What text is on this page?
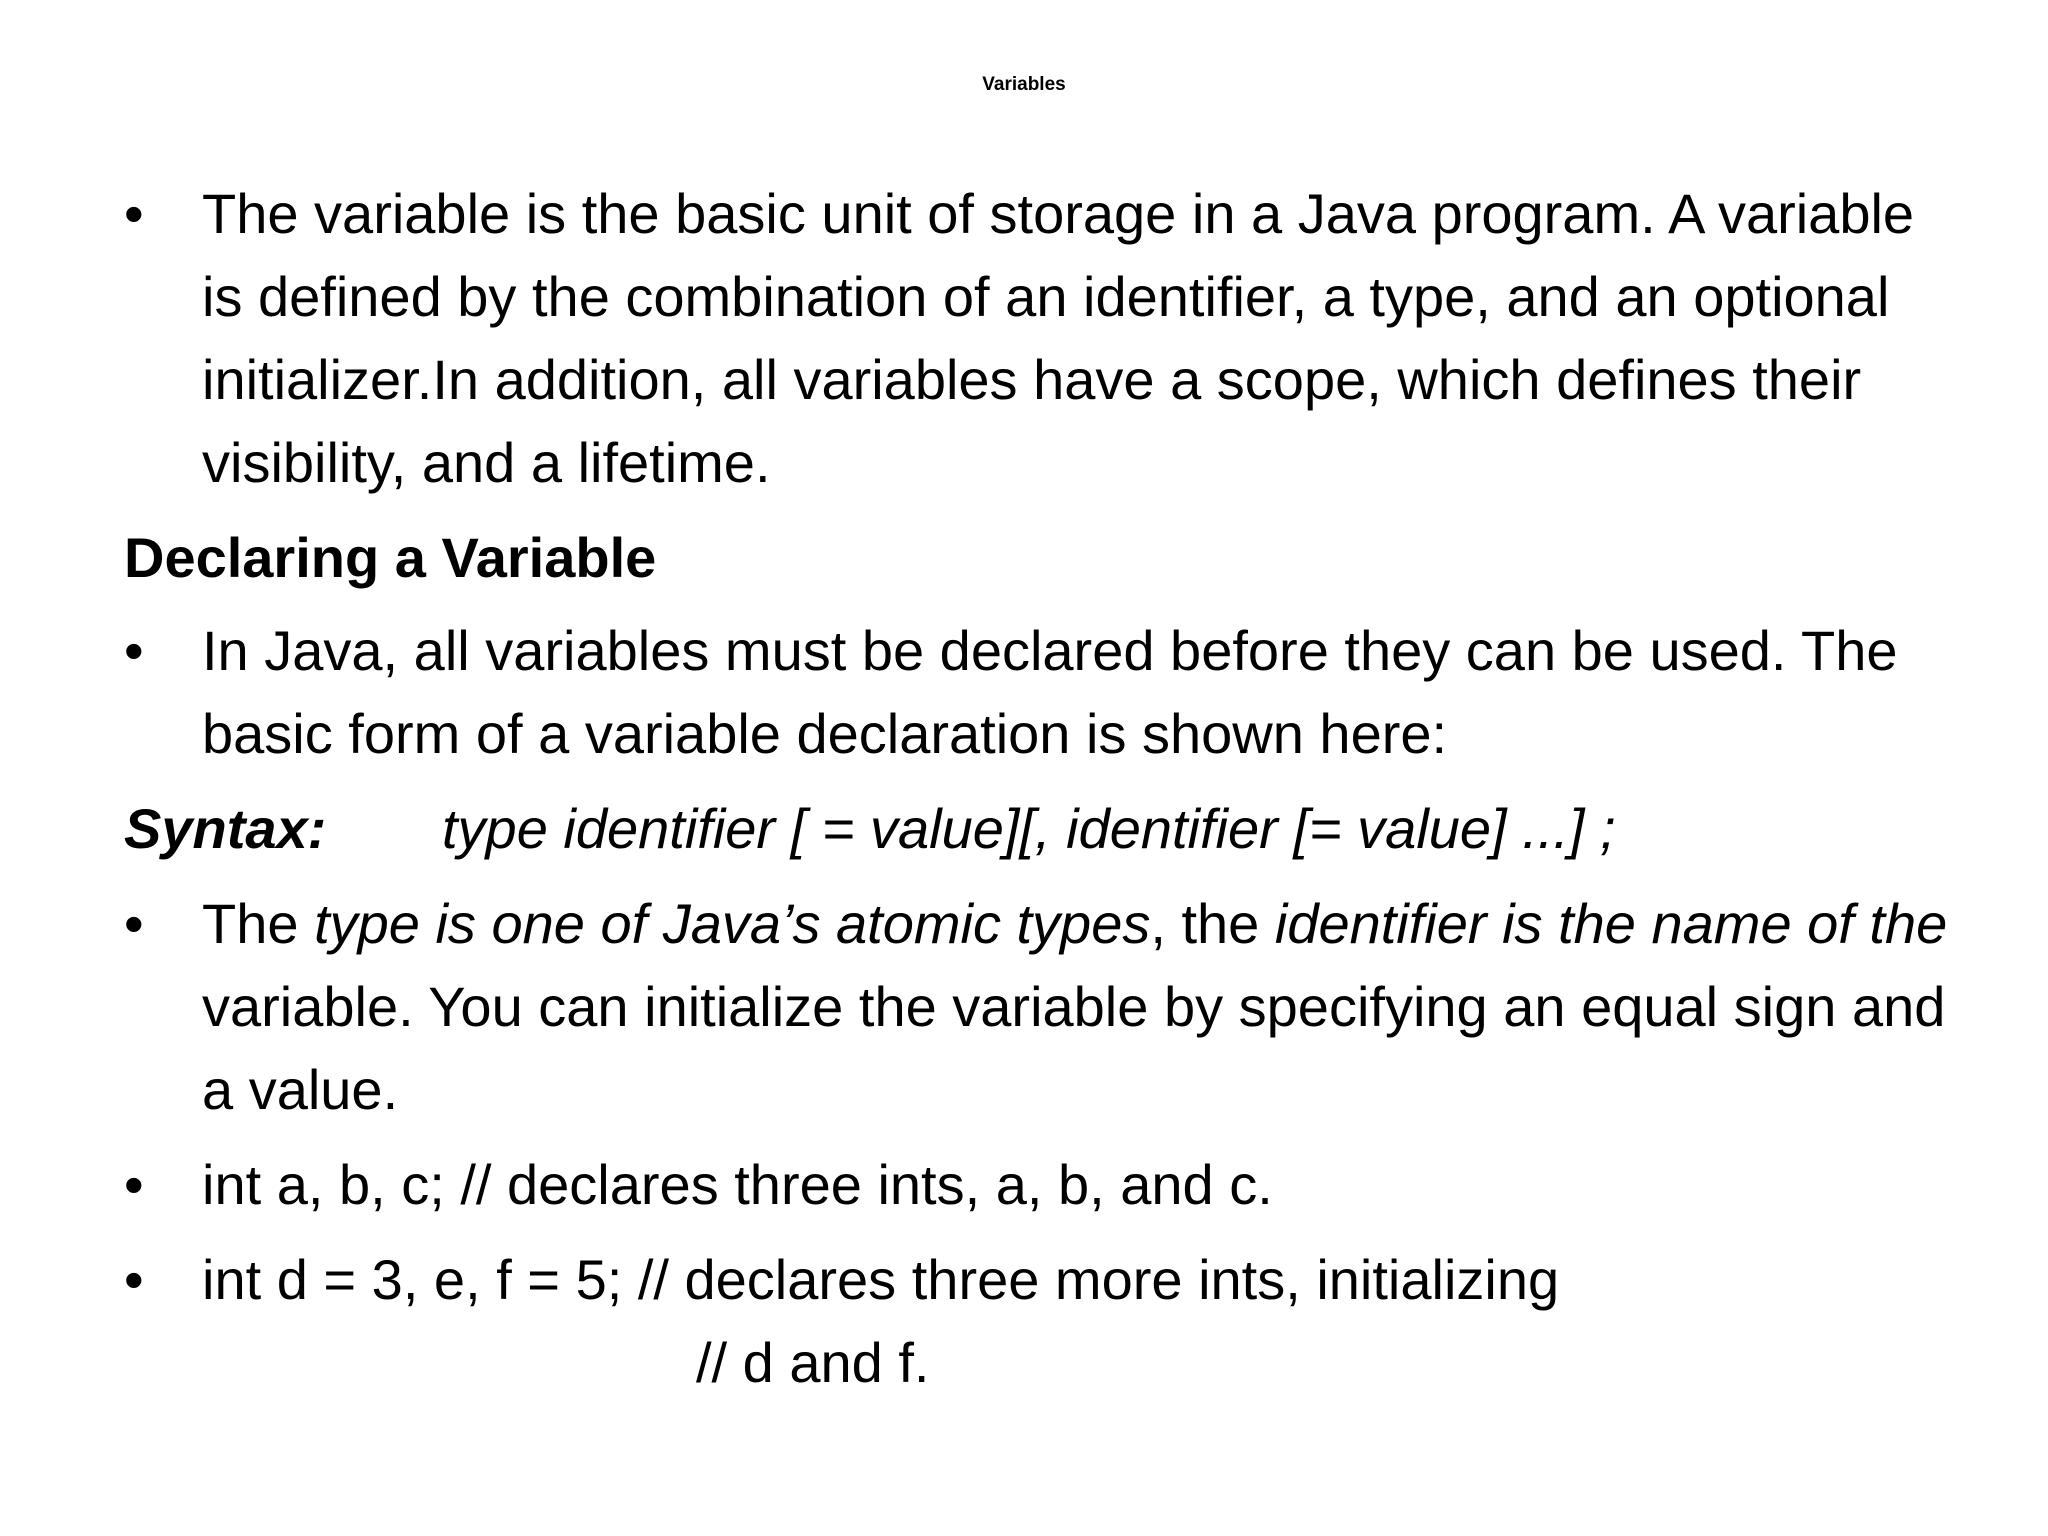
Variables
•	The variable is the basic unit of storage in a Java program. A variable is defined by the combination of an identifier, a type, and an optional initializer.In addition, all variables have a scope, which defines their visibility, and a lifetime.
Declaring a Variable
•	In Java, all variables must be declared before they can be used. The basic form of a variable declaration is shown here:
Syntax: type identifier [ = value][, identifier [= value] ...] ;
•	The type is one of Java’s atomic types, the identifier is the name of the variable. You can initialize the variable by specifying an equal sign and a value.
•	int a, b, c; // declares three ints, a, b, and c.
•	int d = 3, e, f = 5; // declares three more ints, initializing
// d and f.
